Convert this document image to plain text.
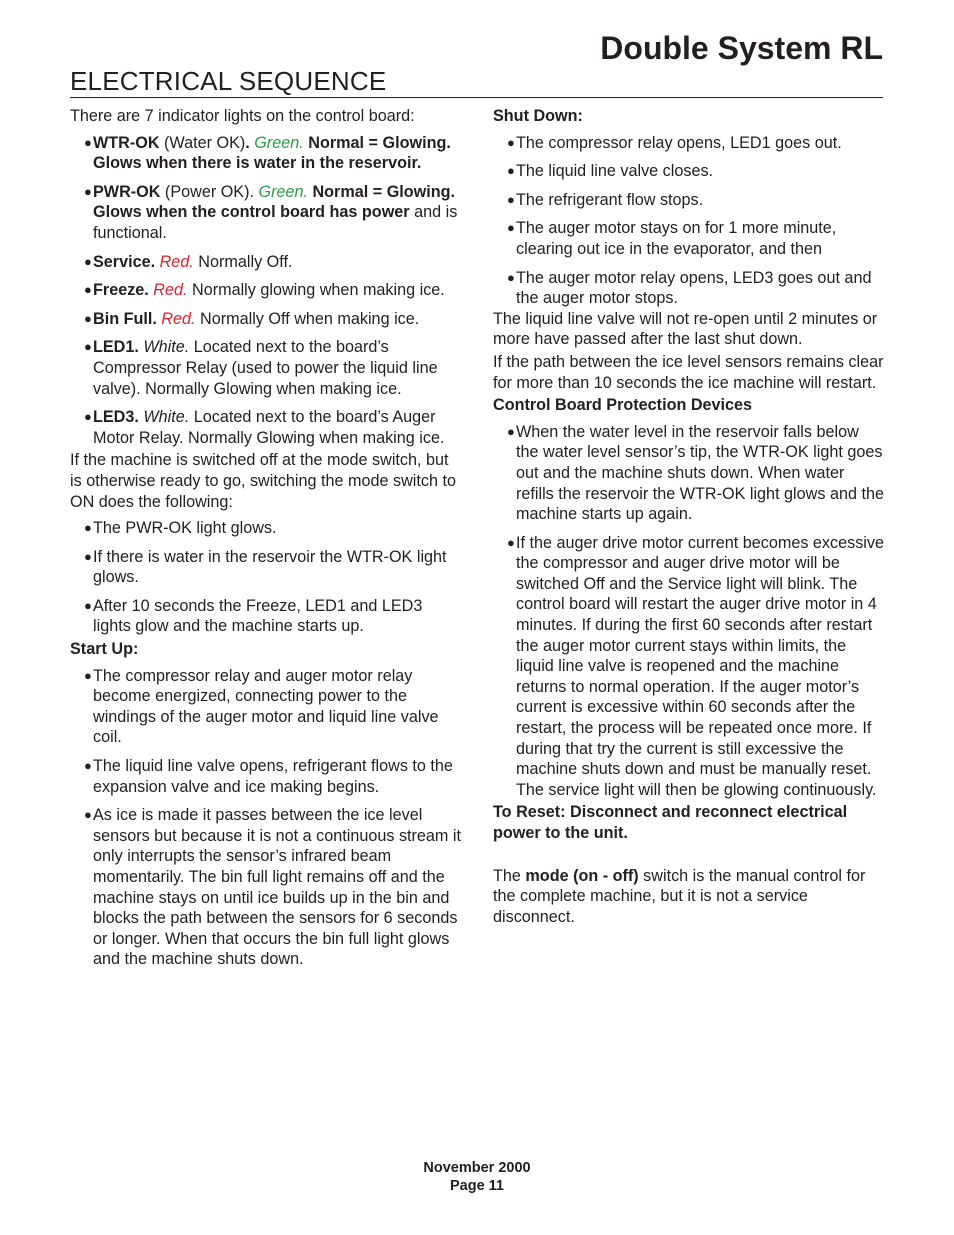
Double System RL
ELECTRICAL SEQUENCE

There are 7 indicator lights on the control board:

● WTR-OK (Water OK). Green. Normal = Glowing. Glows when there is water in the reservoir.
● PWR-OK (Power OK). Green. Normal = Glowing. Glows when the control board has power and is functional.
● Service. Red. Normally Off.
● Freeze. Red. Normally glowing when making ice.
● Bin Full. Red. Normally Off when making ice.
● LED1. White. Located next to the board’s Compressor Relay (used to power the liquid line valve). Normally Glowing when making ice.
● LED3. White. Located next to the board’s Auger Motor Relay. Normally Glowing when making ice.

If the machine is switched off at the mode switch, but is otherwise ready to go, switching the mode switch to ON does the following:

● The PWR-OK light glows.
● If there is water in the reservoir the WTR-OK light glows.
● After 10 seconds the Freeze, LED1 and LED3 lights glow and the machine starts up.

Start Up:

● The compressor relay and auger motor relay become energized, connecting power to the windings of the auger motor and liquid line valve coil.
● The liquid line valve opens, refrigerant flows to the expansion valve and ice making begins.
● As ice is made it passes between the ice level sensors but because it is not a continuous stream it only interrupts the sensor’s infrared beam momentarily. The bin full light remains off and the machine stays on until ice builds up in the bin and blocks the path between the sensors for 6 seconds or longer. When that occurs the bin full light glows and the machine shuts down.

Shut Down:

● The compressor relay opens, LED1 goes out.
● The liquid line valve closes.
● The refrigerant flow stops.
● The auger motor stays on for 1 more minute, clearing out ice in the evaporator, and then
● The auger motor relay opens, LED3 goes out and the auger motor stops.

The liquid line valve will not re-open until 2 minutes or more have passed after the last shut down.

If the path between the ice level sensors remains clear for more than 10 seconds the ice machine will restart.

Control Board Protection Devices

● When the water level in the reservoir falls below the water level sensor’s tip, the WTR-OK light goes out and the machine shuts down. When water refills the reservoir the WTR-OK light glows and the machine starts up again.
● If the auger drive motor current becomes excessive the compressor and auger drive motor will be switched Off and the Service light will blink. The control board will restart the auger drive motor in 4 minutes. If during the first 60 seconds after restart the auger motor current stays within limits, the liquid line valve is reopened and the machine returns to normal operation. If the auger motor’s current is excessive within 60 seconds after the restart, the process will be repeated once more. If during that try the current is still excessive the machine shuts down and must be manually reset. The service light will then be glowing continuously.

To Reset: Disconnect and reconnect electrical power to the unit.

The mode (on - off) switch is the manual control for the complete machine, but it is not a service disconnect.

November 2000
Page 11
